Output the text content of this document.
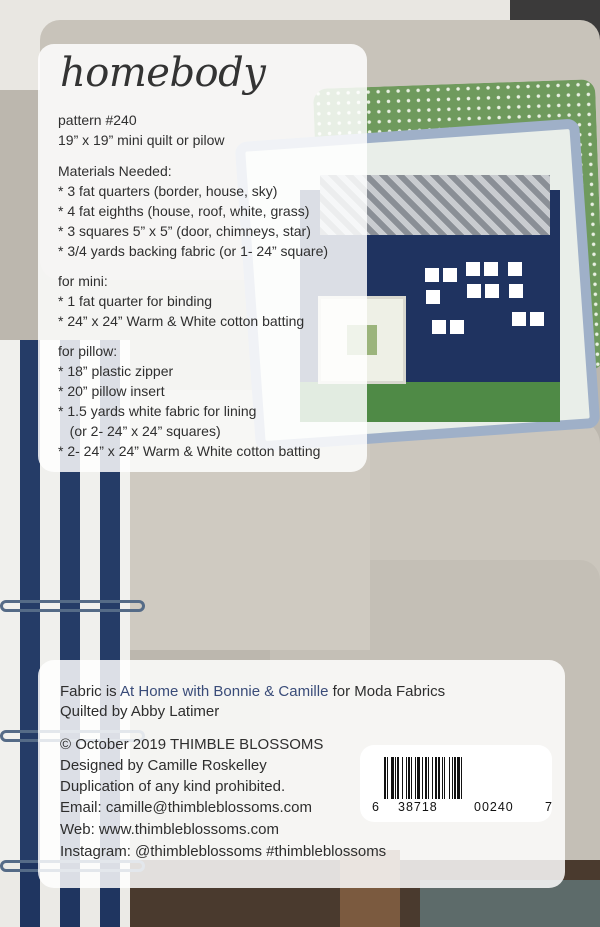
homebody
pattern #240
19” x 19” mini quilt or pilow
Materials Needed:
* 3 fat quarters (border, house, sky)
* 4 fat eighths (house, roof, white, grass)
* 3 squares 5” x 5” (door, chimneys, star)
* 3/4 yards backing fabric (or 1- 24” square)
for mini:
* 1 fat quarter for binding
* 24” x 24” Warm & White cotton batting
for pillow:
* 18” plastic zipper
* 20” pillow insert
* 1.5 yards white fabric for lining
(or 2- 24” x 24” squares)
* 2- 24” x 24” Warm & White cotton batting
Fabric is At Home with Bonnie & Camille for Moda Fabrics
Quilted by Abby Latimer
© October 2019 THIMBLE BLOSSOMS
Designed by Camille Roskelley
Duplication of any kind prohibited.
Email: camille@thimbleblossoms.com
Web: www.thimbleblossoms.com
Instagram: @thimbleblossoms #thimbleblossoms
6 38718	00240 7
